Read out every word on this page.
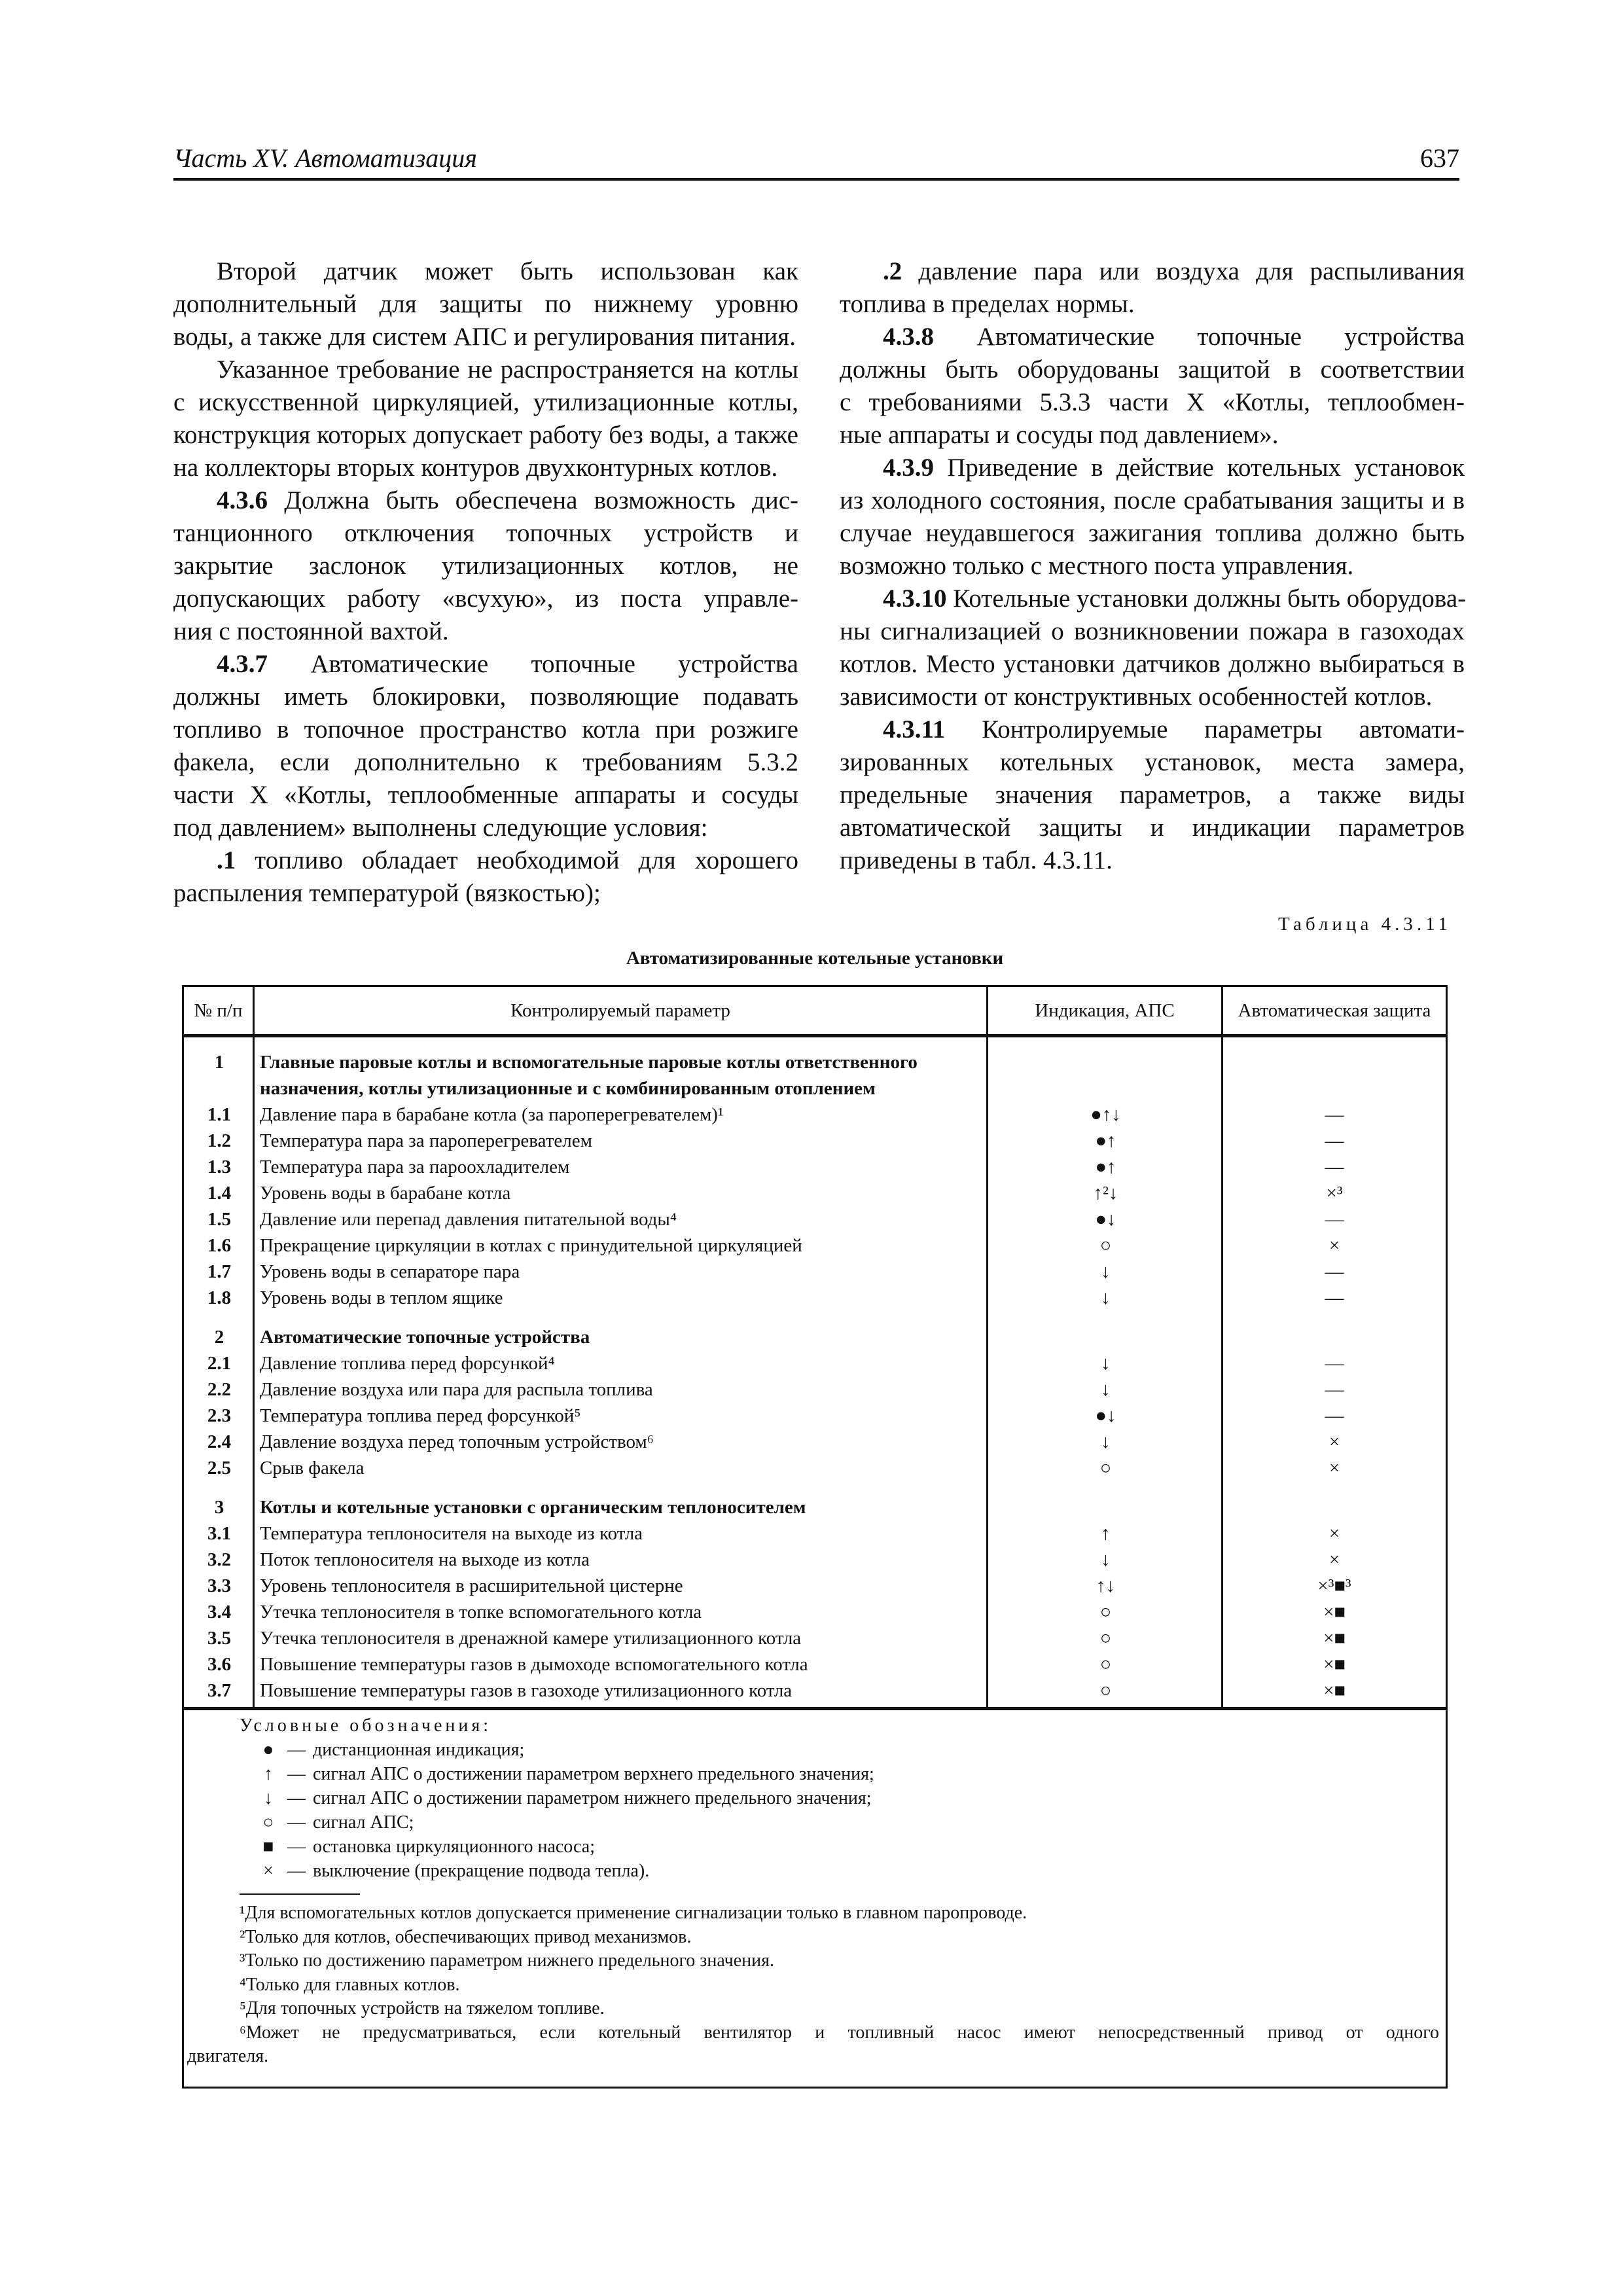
Часть XV. Автоматизация	637
Второй датчик может быть использован как
дополнительный для защиты по нижнему уровню
воды, а также для систем АПС и регулирования питания.
Указанное требование не распространяется на котлы
с искусственной циркуляцией, утилизационные котлы,
конструкция которых допускает работу без воды, а также
на коллекторы вторых контуров двухконтурных котлов.
4.3.6 Должна быть обеспечена возможность дис-
танционного отключения топочных устройств и
закрытие заслонок утилизационных котлов, не
допускающих работу «всухую», из поста управле-
ния с постоянной вахтой.
4.3.7 Автоматические топочные устройства
должны иметь блокировки, позволяющие подавать
топливо в топочное пространство котла при розжиге
факела, если дополнительно к требованиям 5.3.2
части X «Котлы, теплообменные аппараты и сосуды
под давлением» выполнены следующие условия:
.1 топливо обладает необходимой для хорошего
распыления температурой (вязкостью);
.2 давление пара или воздуха для распыливания
топлива в пределах нормы.
4.3.8 Автоматические топочные устройства
должны быть оборудованы защитой в соответствии
с требованиями 5.3.3 части X «Котлы, теплообмен-
ные аппараты и сосуды под давлением».
4.3.9 Приведение в действие котельных установок
из холодного состояния, после срабатывания защиты и в
случае неудавшегося зажигания топлива должно быть
возможно только с местного поста управления.
4.3.10 Котельные установки должны быть оборудова-
ны сигнализацией о возникновении пожара в газоходах
котлов. Место установки датчиков должно выбираться в
зависимости от конструктивных особенностей котлов.
4.3.11 Контролируемые параметры автомати-
зированных котельных установок, места замера,
предельные значения параметров, а также виды
автоматической защиты и индикации параметров
приведены в табл. 4.3.11.
Таблица 4.3.11
Автоматизированные котельные установки
№ п/п	Контролируемый параметр	Индикация, АПС	Автоматическая защита
1	Главные паровые котлы и вспомогательные паровые котлы ответственного назначения, котлы утилизационные и с комбинированным отоплением
1.1	Давление пара в барабане котла (за пароперегревателем)¹	●↑↓	—
1.2	Температура пара за пароперегревателем	●↑	—
1.3	Температура пара за пароохладителем	●↑	—
1.4	Уровень воды в барабане котла	↑²↓	×³
1.5	Давление или перепад давления питательной воды⁴	●↓	—
1.6	Прекращение циркуляции в котлах с принудительной циркуляцией	○	×
1.7	Уровень воды в сепараторе пара	↓	—
1.8	Уровень воды в теплом ящике	↓	—
2	Автоматические топочные устройства
2.1	Давление топлива перед форсункой⁴	↓	—
2.2	Давление воздуха или пара для распыла топлива	↓	—
2.3	Температура топлива перед форсункой⁵	●↓	—
2.4	Давление воздуха перед топочным устройством⁶	↓	×
2.5	Срыв факела	○	×
3	Котлы и котельные установки с органическим теплоносителем
3.1	Температура теплоносителя на выходе из котла	↑	×
3.2	Поток теплоносителя на выходе из котла	↓	×
3.3	Уровень теплоносителя в расширительной цистерне	↑↓	×³■³
3.4	Утечка теплоносителя в топке вспомогательного котла	○	×■
3.5	Утечка теплоносителя в дренажной камере утилизационного котла	○	×■
3.6	Повышение температуры газов в дымоходе вспомогательного котла	○	×■
3.7	Повышение температуры газов в газоходе утилизационного котла	○	×■
Условные обозначения:
● — дистанционная индикация;
↑ — сигнал АПС о достижении параметром верхнего предельного значения;
↓ — сигнал АПС о достижении параметром нижнего предельного значения;
○ — сигнал АПС;
■ — остановка циркуляционного насоса;
× — выключение (прекращение подвода тепла).
¹Для вспомогательных котлов допускается применение сигнализации только в главном паропроводе.
²Только для котлов, обеспечивающих привод механизмов.
³Только по достижению параметром нижнего предельного значения.
⁴Только для главных котлов.
⁵Для топочных устройств на тяжелом топливе.
⁶Может не предусматриваться, если котельный вентилятор и топливный насос имеют непосредственный привод от одного
двигателя.
